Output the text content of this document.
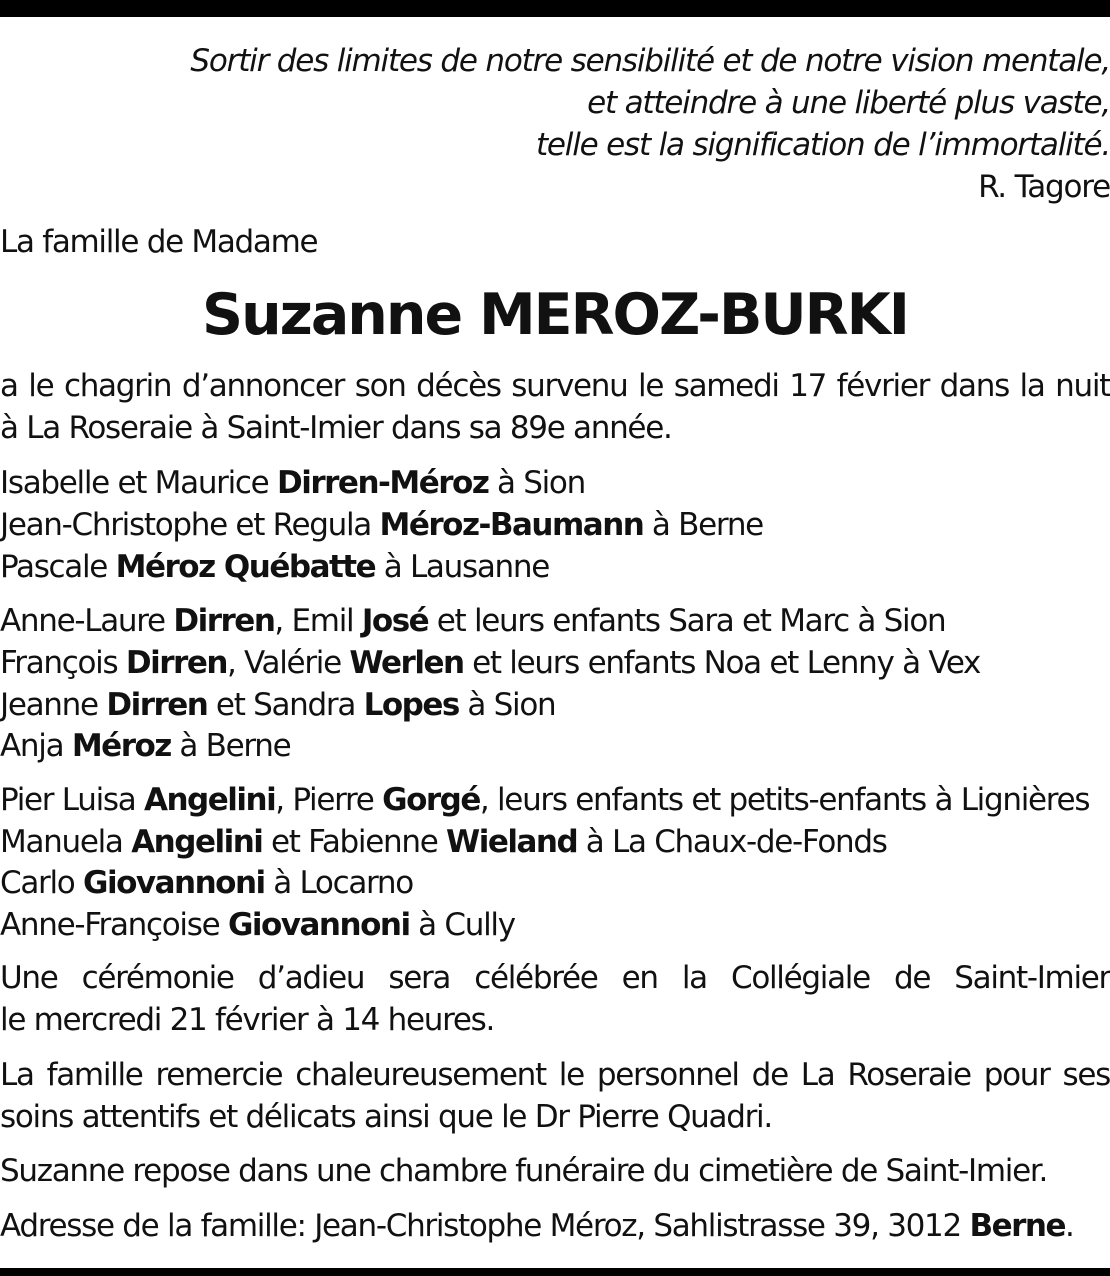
Sortir des limites de notre sensibilité et de notre vision mentale,
et atteindre à une liberté plus vaste,
telle est la signification de l’immortalité.
R. Tagore
La famille de Madame
Suzanne MEROZ-BURKI
a le chagrin d’annoncer son décès survenu le samedi 17 février dans la nuit
à La Roseraie à Saint-Imier dans sa 89e année.
Isabelle et Maurice Dirren-Méroz à Sion
Jean-Christophe et Regula Méroz-Baumann à Berne
Pascale Méroz Québatte à Lausanne
Anne-Laure Dirren, Emil José et leurs enfants Sara et Marc à Sion
François Dirren, Valérie Werlen et leurs enfants Noa et Lenny à Vex
Jeanne Dirren et Sandra Lopes à Sion
Anja Méroz à Berne
Pier Luisa Angelini, Pierre Gorgé, leurs enfants et petits-enfants à Lignières
Manuela Angelini et Fabienne Wieland à La Chaux-de-Fonds
Carlo Giovannoni à Locarno
Anne-Françoise Giovannoni à Cully
Une cérémonie d’adieu sera célébrée en la Collégiale de Saint-Imier
le mercredi 21 février à 14 heures.
La famille remercie chaleureusement le personnel de La Roseraie pour ses
soins attentifs et délicats ainsi que le Dr Pierre Quadri.
Suzanne repose dans une chambre funéraire du cimetière de Saint-Imier.
Adresse de la famille: Jean-Christophe Méroz, Sahlistrasse 39, 3012 Berne.
